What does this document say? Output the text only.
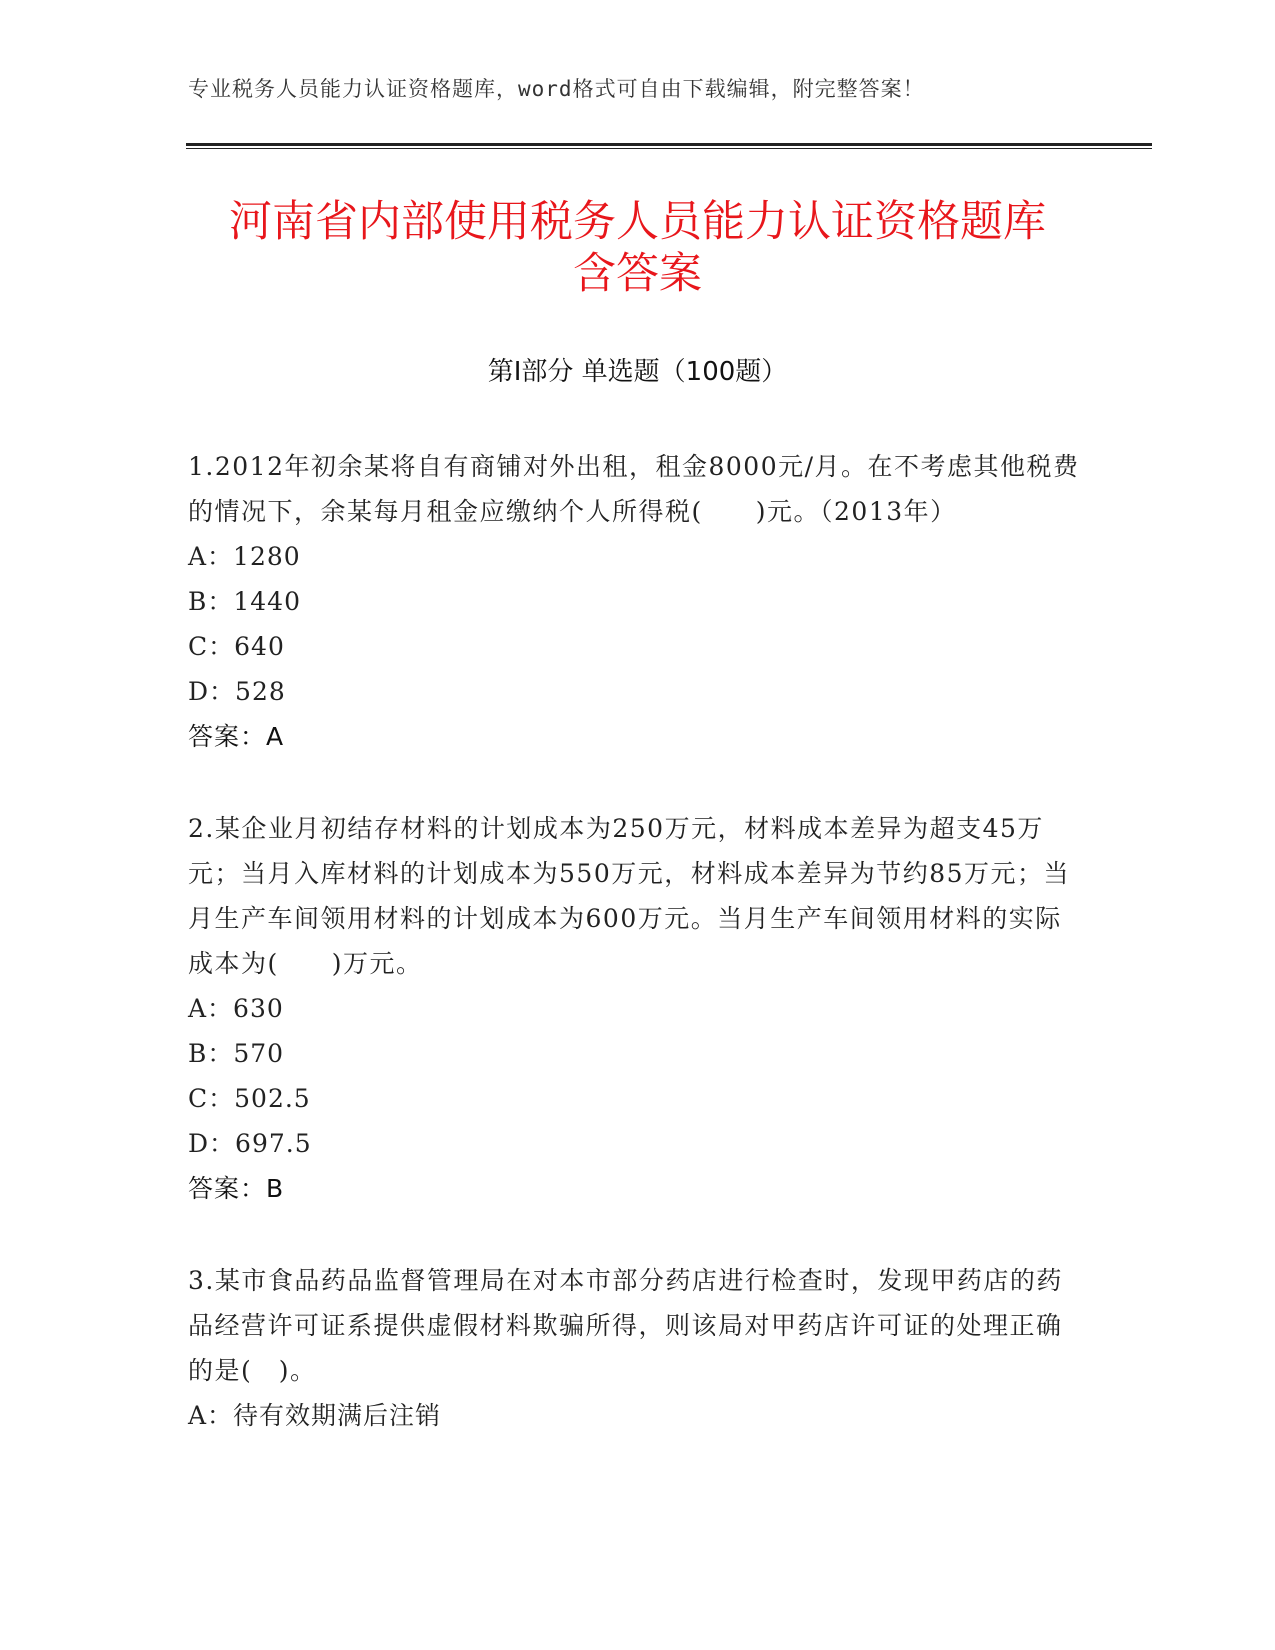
专业税务人员能力认证资格题库，word格式可自由下载编辑，附完整答案！
河南省内部使用税务人员能力认证资格题库
含答案
第Ⅰ部分 单选题（100题）

1.2012年初余某将自有商铺对外出租，租金8000元/月。在不考虑其他税费的情况下，余某每月租金应缴纳个人所得税(　　)元。（2013年）

A：1280

B：1440

C：640

D：528

答案：A

2.某企业月初结存材料的计划成本为250万元，材料成本差异为超支45万元；当月入库材料的计划成本为550万元，材料成本差异为节约85万元；当月生产车间领用材料的计划成本为600万元。当月生产车间领用材料的实际成本为(　　)万元。

A：630

B：570

C：502.5

D：697.5

答案：B

3.某市食品药品监督管理局在对本市部分药店进行检查时，发现甲药店的药品经营许可证系提供虚假材料欺骗所得，则该局对甲药店许可证的处理正确的是(　)。

A：待有效期满后注销
